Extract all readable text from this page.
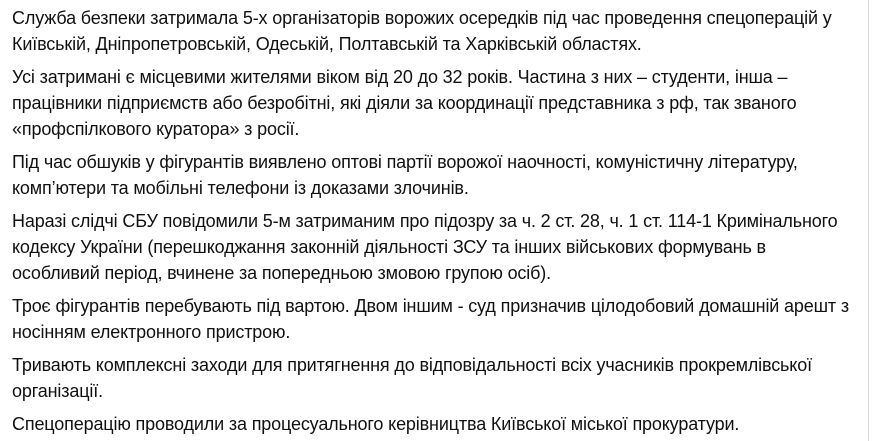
Служба безпеки затримала 5-х організаторів ворожих осередків під час проведення спецоперацій у Київській, Дніпропетровській, Одеській, Полтавській та Харківській областях.

Усі затримані є місцевими жителями віком від 20 до 32 років. Частина з них – студенти, інша – працівники підприємств або безробітні, які діяли за координації представника з рф, так званого «профспілкового куратора» з росії.

Під час обшуків у фігурантів виявлено оптові партії ворожої наочності, комуністичну літературу, комп’ютери та мобільні телефони із доказами злочинів.

Наразі слідчі СБУ повідомили 5-м затриманим про підозру за ч. 2 ст. 28, ч. 1 ст. 114-1 Кримінального кодексу України (перешкоджання законній діяльності ЗСУ та інших військових формувань в особливий період, вчинене за попередньою змовою групою осіб).

Троє фігурантів перебувають під вартою. Двом іншим - суд призначив цілодобовий домашній арешт з носінням електронного пристрою.

Тривають комплексні заходи для притягнення до відповідальності всіх учасників прокремлівської організації.

Спецоперацію проводили за процесуального керівництва Київської міської прокуратури.
